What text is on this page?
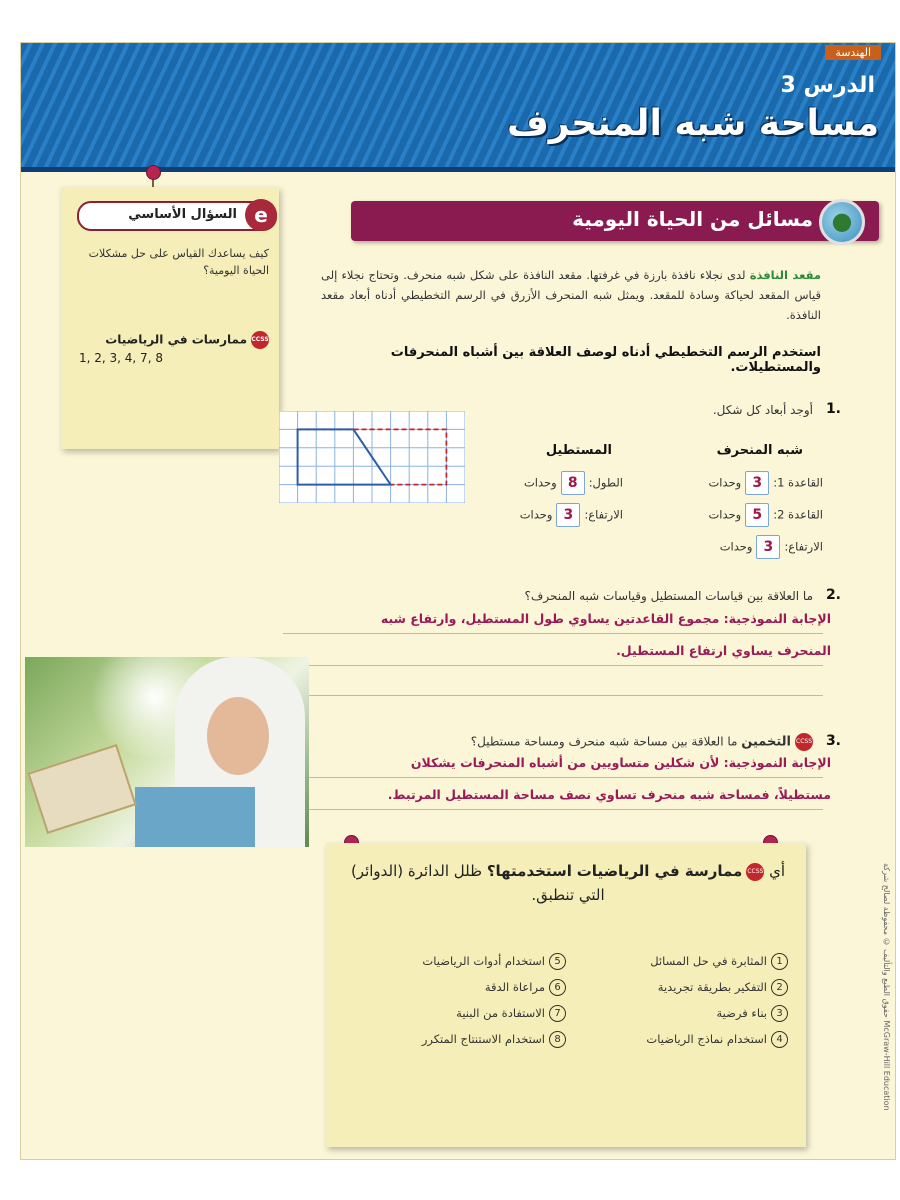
الهندسة
الدرس 3
مساحة شبه المنحرف
e
السؤال الأساسي
كيف يساعدك القياس على حل مشكلات الحياة اليومية؟
CCSSممارسات في الرياضيات
1, 2, 3, 4, 7, 8
●
مسائل من الحياة اليومية
مقعد النافذة لدى نجلاء نافذة بارزة في غرفتها. مقعد النافذة على شكل شبه منحرف. وتحتاج نجلاء إلى قياس المقعد لحياكة وسادة للمقعد. ويمثل شبه المنحرف الأزرق في الرسم التخطيطي أدناه أبعاد مقعد النافذة.
استخدم الرسم التخطيطي أدناه لوصف العلاقة بين أشباه المنحرفات والمستطيلات.
1.
أوجد أبعاد كل شكل.
شبه المنحرف
المستطيل
القاعدة 1:3وحدات
القاعدة 2:5وحدات
الارتفاع:3وحدات
الطول:8وحدات
الارتفاع:3وحدات
2.
ما العلاقة بين قياسات المستطيل وقياسات شبه المنحرف؟
الإجابة النموذجية: مجموع القاعدتين يساوي طول المستطيل، وارتفاع شبه
المنحرف يساوي ارتفاع المستطيل.
3.
CCSSالتخمين ما العلاقة بين مساحة شبه منحرف ومساحة مستطيل؟
الإجابة النموذجية: لأن شكلين متساويين من أشباه المنحرفات يشكلان
مستطيلاً، فمساحة شبه منحرف تساوي نصف مساحة المستطيل المرتبط.
أي CCSSممارسة في الرياضيات استخدمتها؟ ظلل الدائرة (الدوائر) التي تنطبق.
1المثابرة في حل المسائل
2التفكير بطريقة تجريدية
3بناء فرضية
4استخدام نماذج الرياضيات
5استخدام أدوات الرياضيات
6مراعاة الدقة
7الاستفادة من البنية
8استخدام الاستنتاج المتكرر
حقوق الطبع والتأليف © محفوظة لصالح شركة McGraw-Hill Education
